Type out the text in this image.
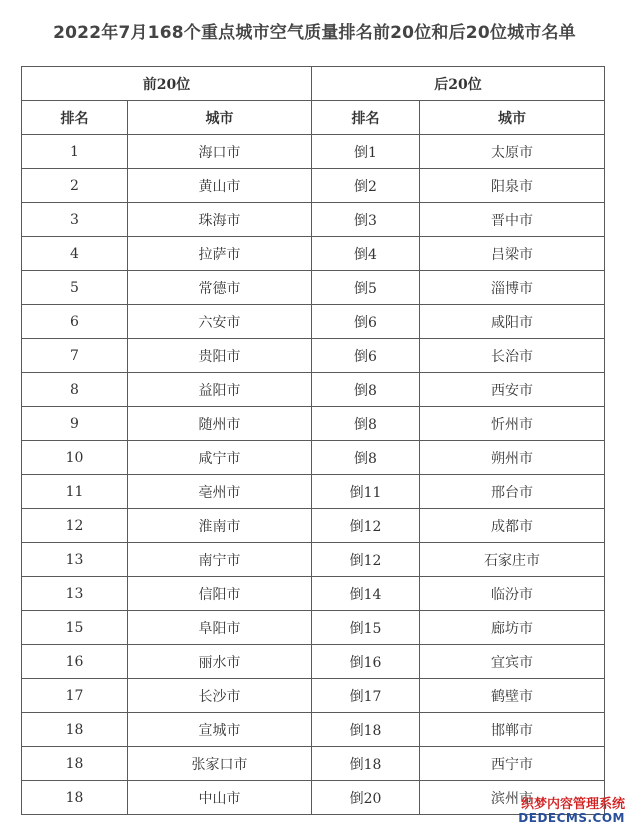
2022年7月168个重点城市空气质量排名前20位和后20位城市名单
前20位		后20位	
排名	城市	排名	城市
1	海口市	倒1	太原市
2	黄山市	倒2	阳泉市
3	珠海市	倒3	晋中市
4	拉萨市	倒4	吕梁市
5	常德市	倒5	淄博市
6	六安市	倒6	咸阳市
7	贵阳市	倒6	长治市
8	益阳市	倒8	西安市
9	随州市	倒8	忻州市
10	咸宁市	倒8	朔州市
11	亳州市	倒11	邢台市
12	淮南市	倒12	成都市
13	南宁市	倒12	石家庄市
13	信阳市	倒14	临汾市
15	阜阳市	倒15	廊坊市
16	丽水市	倒16	宜宾市
17	长沙市	倒17	鹤壁市
18	宣城市	倒18	邯郸市
18	张家口市	倒18	西宁市
18	中山市	倒20	滨州市
织梦内容管理系统
DEDECMS.COM
